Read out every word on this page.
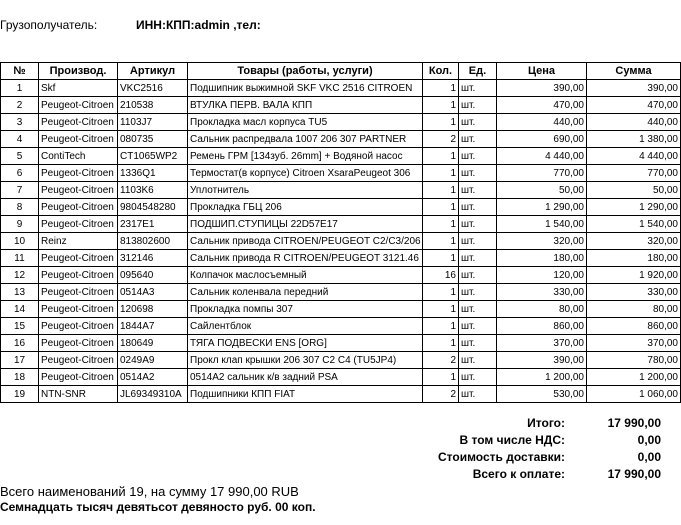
Грузополучатель:	ИНН:КПП:admin ,тел:
№	Производ.	Артикул	Товары (работы, услуги)	Кол.	Ед.	Цена	Сумма
1	Skf	VKC2516	Подшипник выжимной SKF VKC 2516 CITROEN	1	шт.	390,00	390,00
2	Peugeot-Citroen	210538	ВТУЛКА ПЕРВ. ВАЛА КПП	1	шт.	470,00	470,00
3	Peugeot-Citroen	1103J7	Прокладка масл корпуса TU5	1	шт.	440,00	440,00
4	Peugeot-Citroen	080735	Сальник распредвала 1007 206 307 PARTNER	2	шт.	690,00	1 380,00
5	ContiTech	CT1065WP2	Ремень ГРМ [134зуб. 26mm] + Водяной насос	1	шт.	4 440,00	4 440,00
6	Peugeot-Citroen	1336Q1	Термостат(в корпусе) Citroen XsaraPeugeot 306	1	шт.	770,00	770,00
7	Peugeot-Citroen	1103K6	Уплотнитель	1	шт.	50,00	50,00
8	Peugeot-Citroen	9804548280	Прокладка ГБЦ 206	1	шт.	1 290,00	1 290,00
9	Peugeot-Citroen	2317E1	ПОДШИП.СТУПИЦЫ 22D57E17	1	шт.	1 540,00	1 540,00
10	Reinz	813802600	Сальник привода CITROEN/PEUGEOT C2/C3/206	1	шт.	320,00	320,00
11	Peugeot-Citroen	312146	Сальник привода R CITROEN/PEUGEOT 3121.46	1	шт.	180,00	180,00
12	Peugeot-Citroen	095640	Колпачок маслосъемный	16	шт.	120,00	1 920,00
13	Peugeot-Citroen	0514A3	Сальник коленвала передний	1	шт.	330,00	330,00
14	Peugeot-Citroen	120698	Прокладка помпы 307	1	шт.	80,00	80,00
15	Peugeot-Citroen	1844A7	Сайлентблок	1	шт.	860,00	860,00
16	Peugeot-Citroen	180649	ТЯГА ПОДВЕСКИ ENS [ORG]	1	шт.	370,00	370,00
17	Peugeot-Citroen	0249A9	Прокл клап крышки 206 307 C2 C4 (TU5JP4)	2	шт.	390,00	780,00
18	Peugeot-Citroen	0514A2	0514A2 сальник к/в задний PSA	1	шт.	1 200,00	1 200,00
19	NTN-SNR	JL69349310A	Подшипники КПП FIAT	2	шт.	530,00	1 060,00
Итого:	17 990,00
В том числе НДС:	0,00
Стоимость доставки:	0,00
Всего к оплате:	17 990,00
Всего наименований 19, на сумму 17 990,00 RUB
Семнадцать тысяч девятьсот девяносто руб. 00 коп.
